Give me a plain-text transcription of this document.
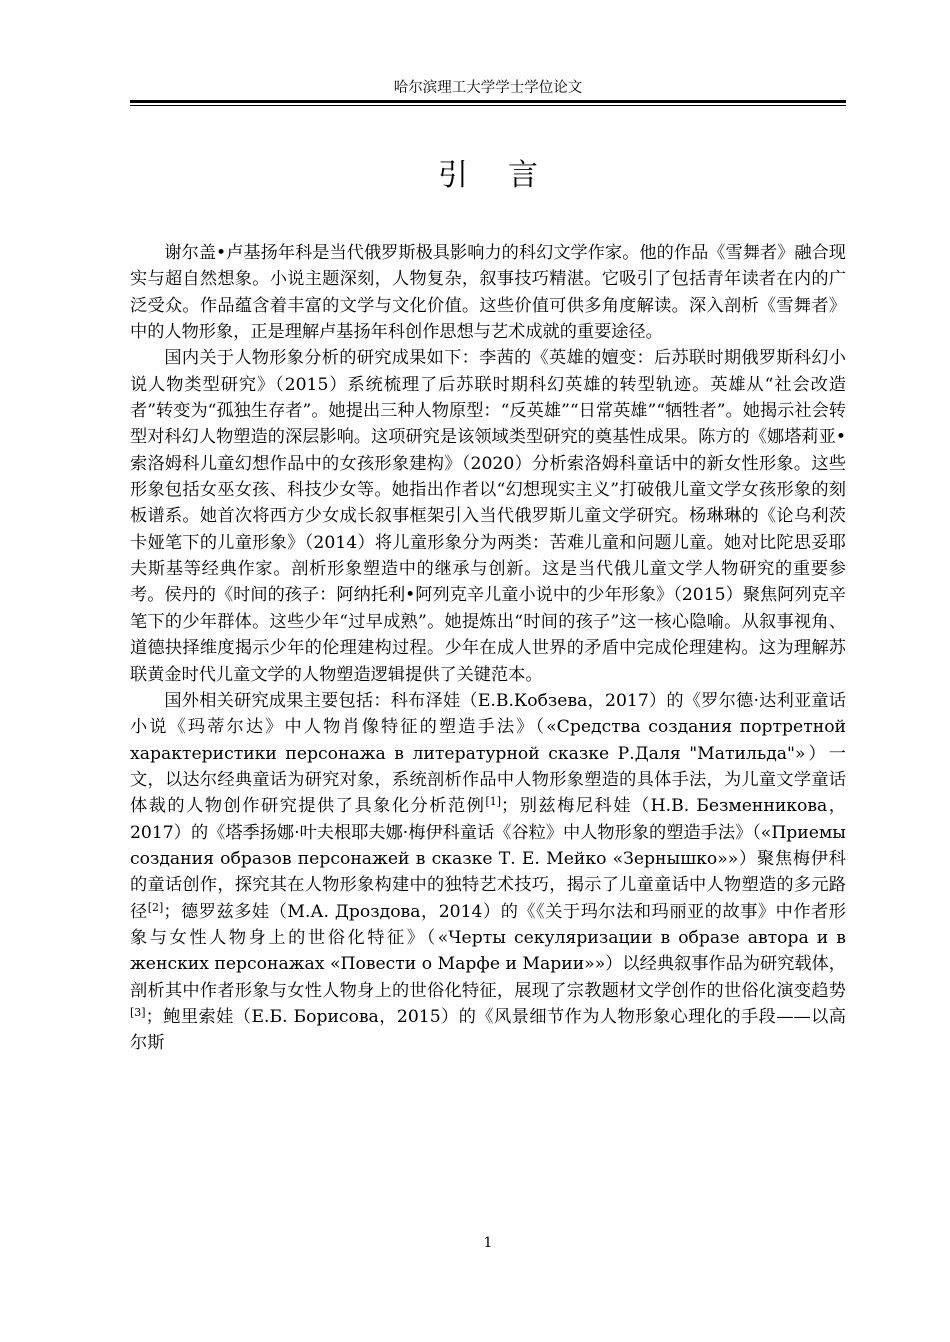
哈尔滨理工大学学士学位论文
引言

谢尔盖•卢基扬年科是当代俄罗斯极具影响力的科幻文学作家。他的作品《雪舞者》融合现实与超自然想象。小说主题深刻，人物复杂，叙事技巧精湛。它吸引了包括青年读者在内的广泛受众。作品蕴含着丰富的文学与文化价值。这些价值可供多角度解读。深入剖析《雪舞者》中的人物形象，正是理解卢基扬年科创作思想与艺术成就的重要途径。

国内关于人物形象分析的研究成果如下：李茜的《英雄的嬗变：后苏联时期俄罗斯科幻小说人物类型研究》（2015）系统梳理了后苏联时期科幻英雄的转型轨迹。英雄从“社会改造者”转变为“孤独生存者”。她提出三种人物原型：“反英雄”“日常英雄”“牺牲者”。她揭示社会转型对科幻人物塑造的深层影响。这项研究是该领域类型研究的奠基性成果。陈方的《娜塔莉亚•索洛姆科儿童幻想作品中的女孩形象建构》（2020）分析索洛姆科童话中的新女性形象。这些形象包括女巫女孩、科技少女等。她指出作者以“幻想现实主义”打破俄儿童文学女孩形象的刻板谱系。她首次将西方少女成长叙事框架引入当代俄罗斯儿童文学研究。杨琳琳的《论乌利茨卡娅笔下的儿童形象》（2014）将儿童形象分为两类：苦难儿童和问题儿童。她对比陀思妥耶夫斯基等经典作家。剖析形象塑造中的继承与创新。这是当代俄儿童文学人物研究的重要参考。侯丹的《时间的孩子：阿纳托利•阿列克辛儿童小说中的少年形象》（2015）聚焦阿列克辛笔下的少年群体。这些少年“过早成熟”。她提炼出“时间的孩子”这一核心隐喻。从叙事视角、道德抉择维度揭示少年的伦理建构过程。少年在成人世界的矛盾中完成伦理建构。这为理解苏联黄金时代儿童文学的人物塑造逻辑提供了关键范本。

国外相关研究成果主要包括：科布泽娃（Е.В.Кобзева，2017）的《罗尔德·达利亚童话小说《玛蒂尔达》中人物肖像特征的塑造手法》（«Средства создания портретной характеристики персонажа в литературной сказке Р.Даля "Матильда"»）一文，以达尔经典童话为研究对象，系统剖析作品中人物形象塑造的具体手法，为儿童文学童话体裁的人物创作研究提供了具象化分析范例[1]；别兹梅尼科娃（Н.В. Безменникова，2017）的《塔季扬娜·叶夫根耶夫娜·梅伊科童话《谷粒》中人物形象的塑造手法》（«Приемы создания образов персонажей в сказке Т. Е. Мейко «Зернышко»»）聚焦梅伊科的童话创作，探究其在人物形象构建中的独特艺术技巧，揭示了儿童童话中人物塑造的多元路径[2]；德罗兹多娃（М.А. Дроздова，2014）的《《关于玛尔法和玛丽亚的故事》中作者形象与女性人物身上的世俗化特征》（«Черты секуляризации в образе автора и в женских персонажах «Повести о Марфе и Марии»»）以经典叙事作品为研究载体，剖析其中作者形象与女性人物身上的世俗化特征，展现了宗教题材文学创作的世俗化演变趋势[3]；鲍里索娃（Е.Б. Борисова，2015）的《风景细节作为人物形象心理化的手段——以高尔斯

1
